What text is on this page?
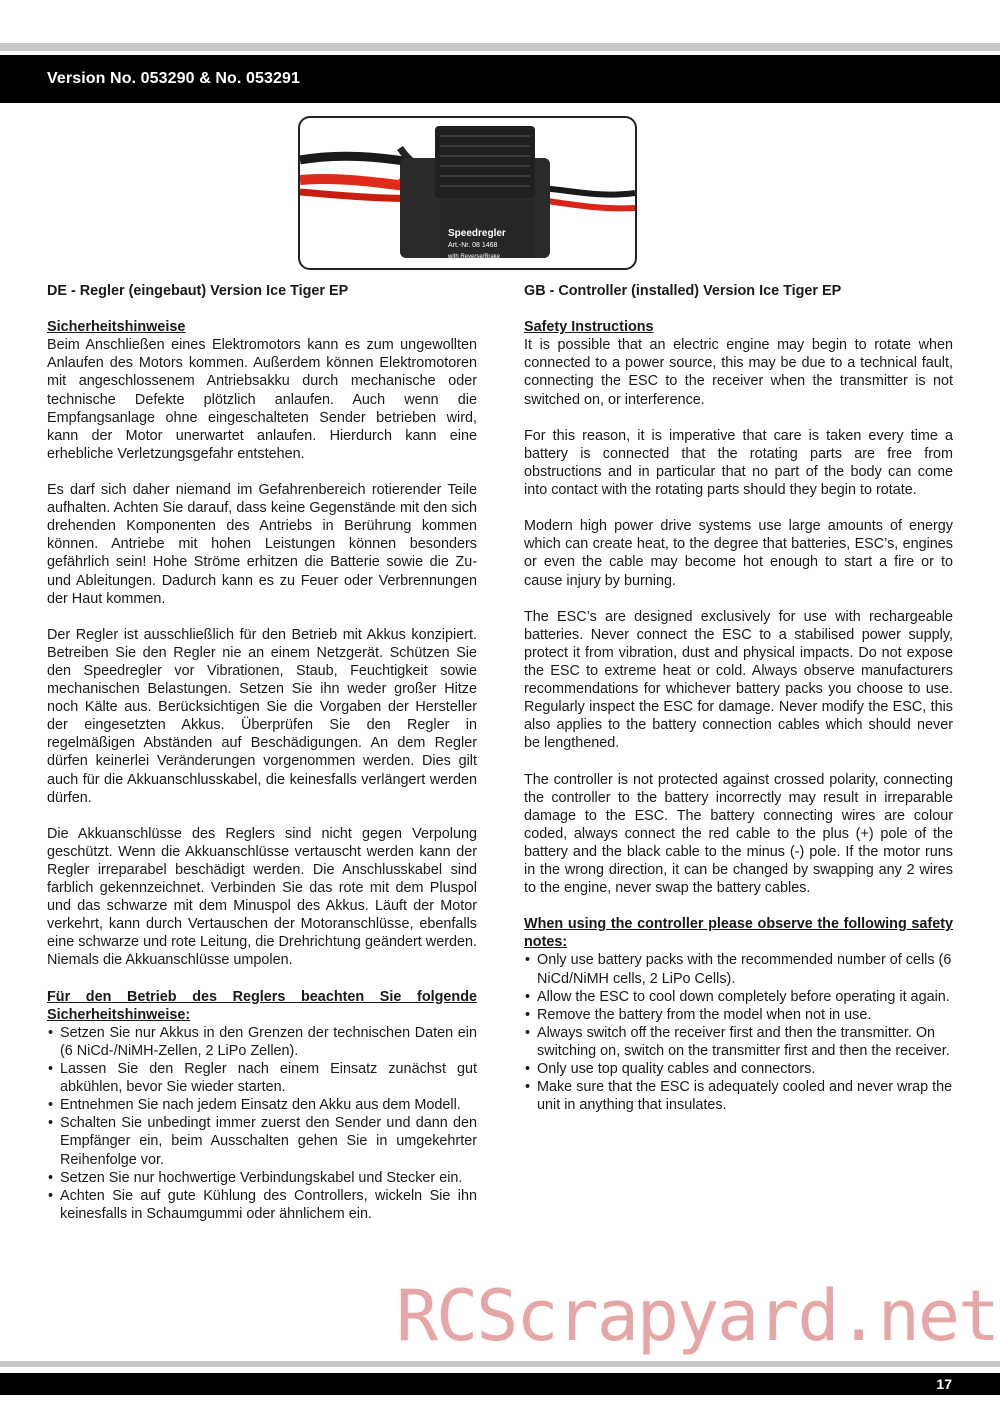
Version No. 053290 & No. 053291
Speedregler
Art.-Nr. 08 1468
with Reverse/Brake
DE - Regler (eingebaut) Version Ice Tiger EP
Sicherheitshinweise

Beim Anschließen eines Elektromotors kann es zum ungewollten Anlaufen des Motors kommen. Außerdem können Elektromotoren mit angeschlossenem Antriebsakku durch mechanische oder technische Defekte plötzlich anlaufen. Auch wenn die Empfangsanlage ohne eingeschalteten Sender betrieben wird, kann der Motor unerwartet anlaufen. Hierdurch kann eine erhebliche Verletzungsgefahr entstehen.

Es darf sich daher niemand im Gefahrenbereich rotierender Teile aufhalten. Achten Sie darauf, dass keine Gegenstände mit den sich drehenden Komponenten des Antriebs in Berührung kommen können. Antriebe mit hohen Leistungen können besonders gefährlich sein! Hohe Ströme erhitzen die Batterie sowie die Zu- und Ableitungen. Dadurch kann es zu Feuer oder Verbrennungen der Haut kommen.

Der Regler ist ausschließlich für den Betrieb mit Akkus konzipiert. Betreiben Sie den Regler nie an einem Netzgerät. Schützen Sie den Speedregler vor Vibrationen, Staub, Feuchtigkeit sowie mechanischen Belastungen. Setzen Sie ihn weder großer Hitze noch Kälte aus. Berücksichtigen Sie die Vorgaben der Hersteller der eingesetzten Akkus. Überprüfen Sie den Regler in regelmäßigen Abständen auf Beschädigungen. An dem Regler dürfen keinerlei Veränderungen vorgenommen werden. Dies gilt auch für die Akkuanschlusskabel, die keinesfalls verlängert werden dürfen.

Die Akkuanschlüsse des Reglers sind nicht gegen Verpolung geschützt. Wenn die Akkuanschlüsse vertauscht werden kann der Regler irreparabel beschädigt werden. Die Anschlusskabel sind farblich gekennzeichnet. Verbinden Sie das rote mit dem Pluspol und das schwarze mit dem Minuspol des Akkus. Läuft der Motor verkehrt, kann durch Vertauschen der Motoranschlüsse, ebenfalls eine schwarze und rote Leitung, die Drehrichtung geändert werden. Niemals die Akkuanschlüsse umpolen.

Für den Betrieb des Reglers beachten Sie folgende Sicherheitshinweise:
• Setzen Sie nur Akkus in den Grenzen der technischen Daten ein (6 NiCd-/NiMH-Zellen, 2 LiPo Zellen).
• Lassen Sie den Regler nach einem Einsatz zunächst gut abkühlen, bevor Sie wieder starten.
• Entnehmen Sie nach jedem Einsatz den Akku aus dem Modell.
• Schalten Sie unbedingt immer zuerst den Sender und dann den Empfänger ein, beim Ausschalten gehen Sie in umgekehrter Reihenfolge vor.
• Setzen Sie nur hochwertige Verbindungskabel und Stecker ein.
• Achten Sie auf gute Kühlung des Controllers, wickeln Sie ihn keinesfalls in Schaumgummi oder ähnlichem ein.
GB - Controller (installed) Version Ice Tiger EP
Safety Instructions

It is possible that an electric engine may begin to rotate when connected to a power source, this may be due to a technical fault, connecting the ESC to the receiver when the transmitter is not switched on, or interference.

For this reason, it is imperative that care is taken every time a battery is connected that the rotating parts are free from obstructions and in particular that no part of the body can come into contact with the rotating parts should they begin to rotate.

Modern high power drive systems use large amounts of energy which can create heat, to the degree that batteries, ESC’s, engines or even the cable may become hot enough to start a fire or to cause injury by burning.

The ESC’s are designed exclusively for use with rechargeable batteries. Never connect the ESC to a stabilised power supply, protect it from vibration, dust and physical impacts. Do not expose the ESC to extreme heat or cold. Always observe manufacturers recommendations for whichever battery packs you choose to use. Regularly inspect the ESC for damage. Never modify the ESC, this also applies to the battery connection cables which should never be lengthened.

The controller is not protected against crossed polarity, connecting the controller to the battery incorrectly may result in irreparable damage to the ESC. The battery connecting wires are colour coded, always connect the red cable to the plus (+) pole of the battery and the black cable to the minus (-) pole. If the motor runs in the wrong direction, it can be changed by swapping any 2 wires to the engine, never swap the battery cables.

When using the controller please observe the following safety notes:
• Only use battery packs with the recommended number of cells (6 NiCd/NiMH cells, 2 LiPo Cells).
• Allow the ESC to cool down completely before operating it again.
• Remove the battery from the model when not in use.
• Always switch off the receiver first and then the transmitter. On switching on, switch on the transmitter first and then the receiver.
• Only use top quality cables and connectors.
• Make sure that the ESC is adequately cooled and never wrap the unit in anything that insulates.
RCScrapyard.net
17
